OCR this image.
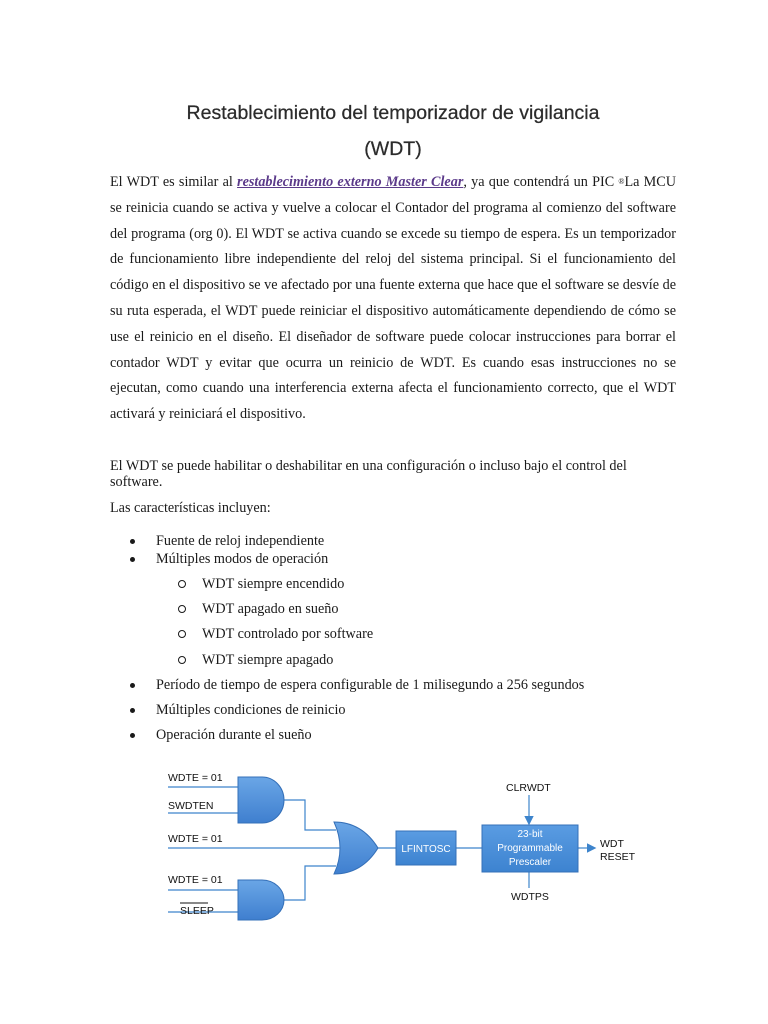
Restablecimiento del temporizador de vigilancia
(WDT)

El WDT es similar al restablecimiento externo Master Clear, ya que contendrá un PIC ®La MCU se reinicia cuando se activa y vuelve a colocar el Contador del programa al comienzo del software del programa (org 0). El WDT se activa cuando se excede su tiempo de espera. Es un temporizador de funcionamiento libre independiente del reloj del sistema principal. Si el funcionamiento del código en el dispositivo se ve afectado por una fuente externa que hace que el software se desvíe de su ruta esperada, el WDT puede reiniciar el dispositivo automáticamente dependiendo de cómo se use el reinicio en el diseño. El diseñador de software puede colocar instrucciones para borrar el contador WDT y evitar que ocurra un reinicio de WDT. Es cuando esas instrucciones no se ejecutan, como cuando una interferencia externa afecta el funcionamiento correcto, que el WDT activará y reiniciará el dispositivo.

El WDT se puede habilitar o deshabilitar en una configuración o incluso bajo el control del software.

Las características incluyen:

Fuente de reloj independiente
Múltiples modos de operación
WDT siempre encendido
WDT apagado en sueño
WDT controlado por software
WDT siempre apagado
Período de tiempo de espera configurable de 1 milisegundo a 256 segundos
Múltiples condiciones de reinicio
Operación durante el sueño
WDTE = 01
SWDTEN
WDTE = 01
WDTE = 01
SLEEP
CLRWDT
WDT
RESET
WDTPS
LFINTOSC
23-bit
Programmable
Prescaler
